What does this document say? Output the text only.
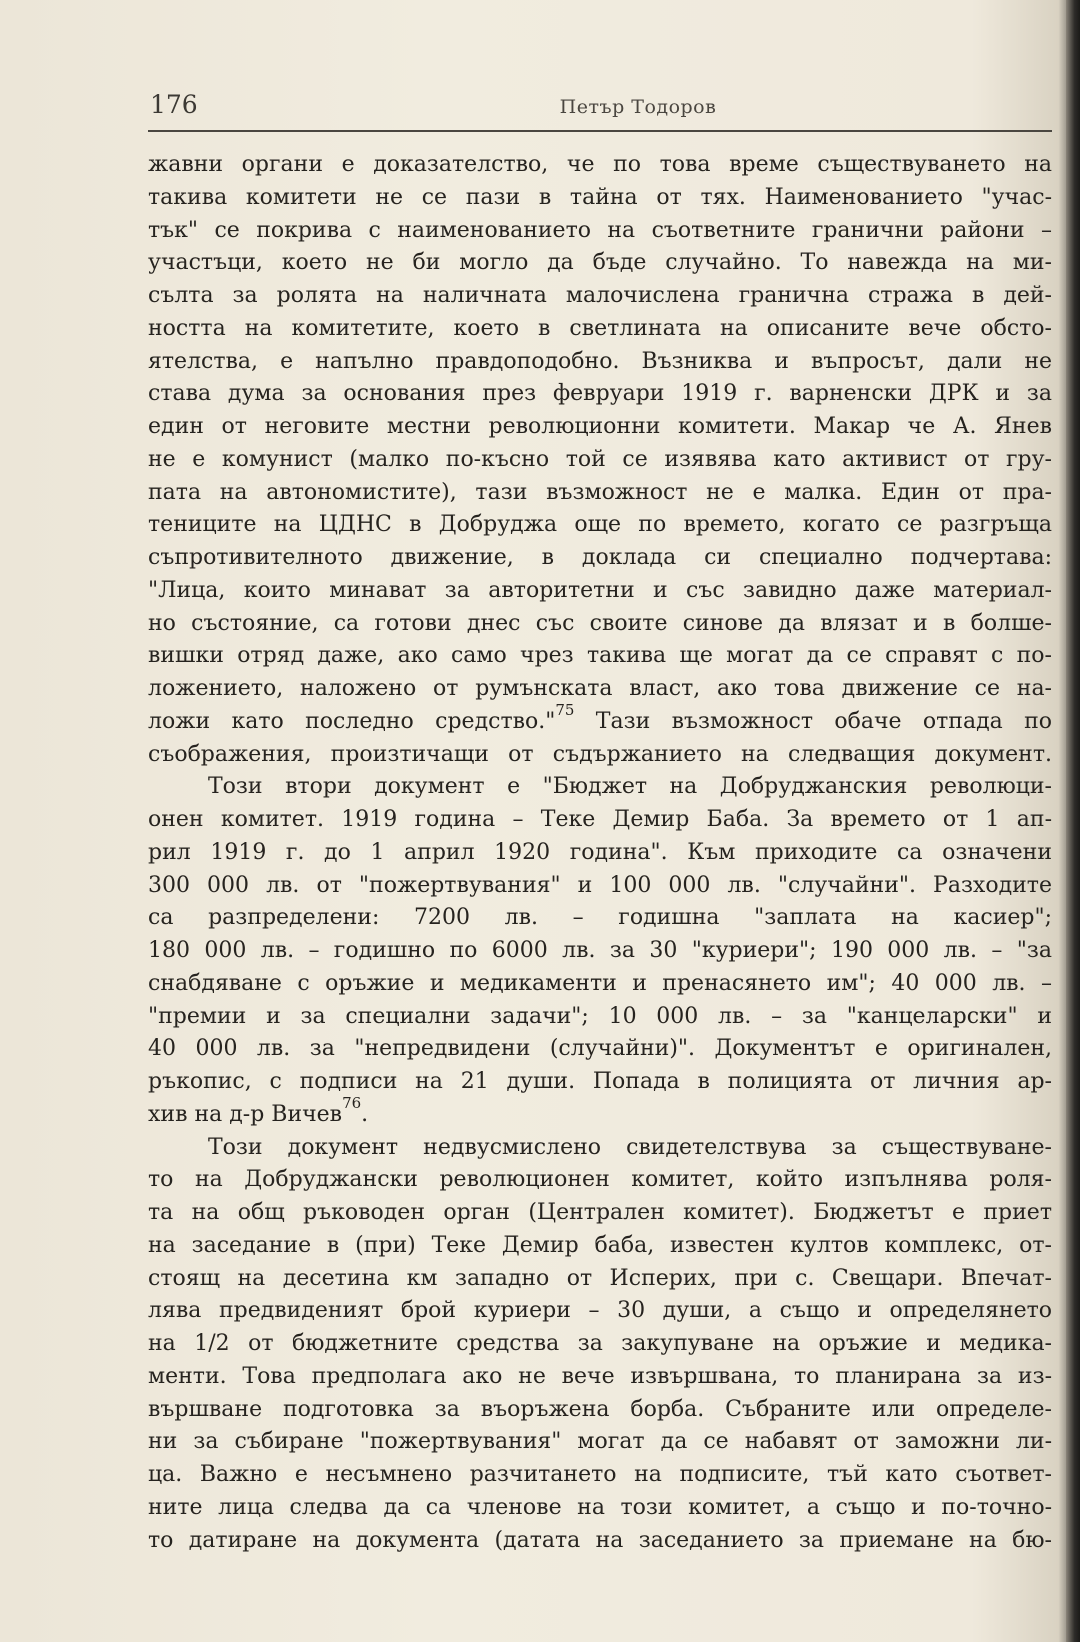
176	Петър Тодоров
жавни органи е доказателство, че по това време съществуването на
такива комитети не се пази в тайна от тях. Наименованието "учас-
тък" се покрива с наименованието на съответните гранични райони –
участъци, което не би могло да бъде случайно. То навежда на ми-
сълта за ролята на наличната малочислена гранична стража в дей-
ността на комитетите, което в светлината на описаните вече обсто-
ятелства, е напълно правдоподобно. Възниква и въпросът, дали не
става дума за основания през февруари 1919 г. варненски ДРК и за
един от неговите местни революционни комитети. Макар че А. Янев
не е комунист (малко по-късно той се изявява като активист от гру-
пата на автономистите), тази възможност не е малка. Един от пра-
тениците на ЦДНС в Добруджа още по времето, когато се разгръща
съпротивителното движение, в доклада си специално подчертава:
"Лица, които минават за авторитетни и със завидно даже материал-
но състояние, са готови днес със своите синове да влязат и в болше-
вишки отряд даже, ако само чрез такива ще могат да се справят с по-
ложението, наложено от румънската власт, ако това движение се на-
ложи като последно средство."$^{75}$ Тази възможност обаче отпада по
съображения, произтичащи от съдържанието на следващия документ.
Този втори документ е "Бюджет на Добруджанския революци-
онен комитет. 1919 година – Теке Демир Баба. За времето от 1 ап-
рил 1919 г. до 1 април 1920 година". Към приходите са означени
300 000 лв. от "пожертвувания" и 100 000 лв. "случайни". Разходите
са разпределени: 7200 лв. – годишна "заплата на касиер";
180 000 лв. – годишно по 6000 лв. за 30 "куриери"; 190 000 лв. – "за
снабдяване с оръжие и медикаменти и пренасянето им"; 40 000 лв. –
"премии и за специални задачи"; 10 000 лв. – за "канцеларски" и
40 000 лв. за "непредвидени (случайни)". Документът е оригинален,
ръкопис, с подписи на 21 души. Попада в полицията от личния ар-
хив на д-р Вичев$^{76}$.
Този документ недвусмислено свидетелствува за съществуване-
то на Добруджански революционен комитет, който изпълнява роля-
та на общ ръководен орган (Централен комитет). Бюджетът е приет
на заседание в (при) Теке Демир баба, известен култов комплекс, от-
стоящ на десетина км западно от Исперих, при с. Свещари. Впечат-
лява предвиденият брой куриери – 30 души, а също и определянето
на 1/2 от бюджетните средства за закупуване на оръжие и медика-
менти. Това предполага ако не вече извършвана, то планирана за из-
вършване подготовка за въоръжена борба. Събраните или определе-
ни за събиране "пожертвувания" могат да се набавят от заможни ли-
ца. Важно е несъмнено разчитането на подписите, тъй като съответ-
ните лица следва да са членове на този комитет, а също и по-точно-
то датиране на документа (датата на заседанието за приемане на бю-
